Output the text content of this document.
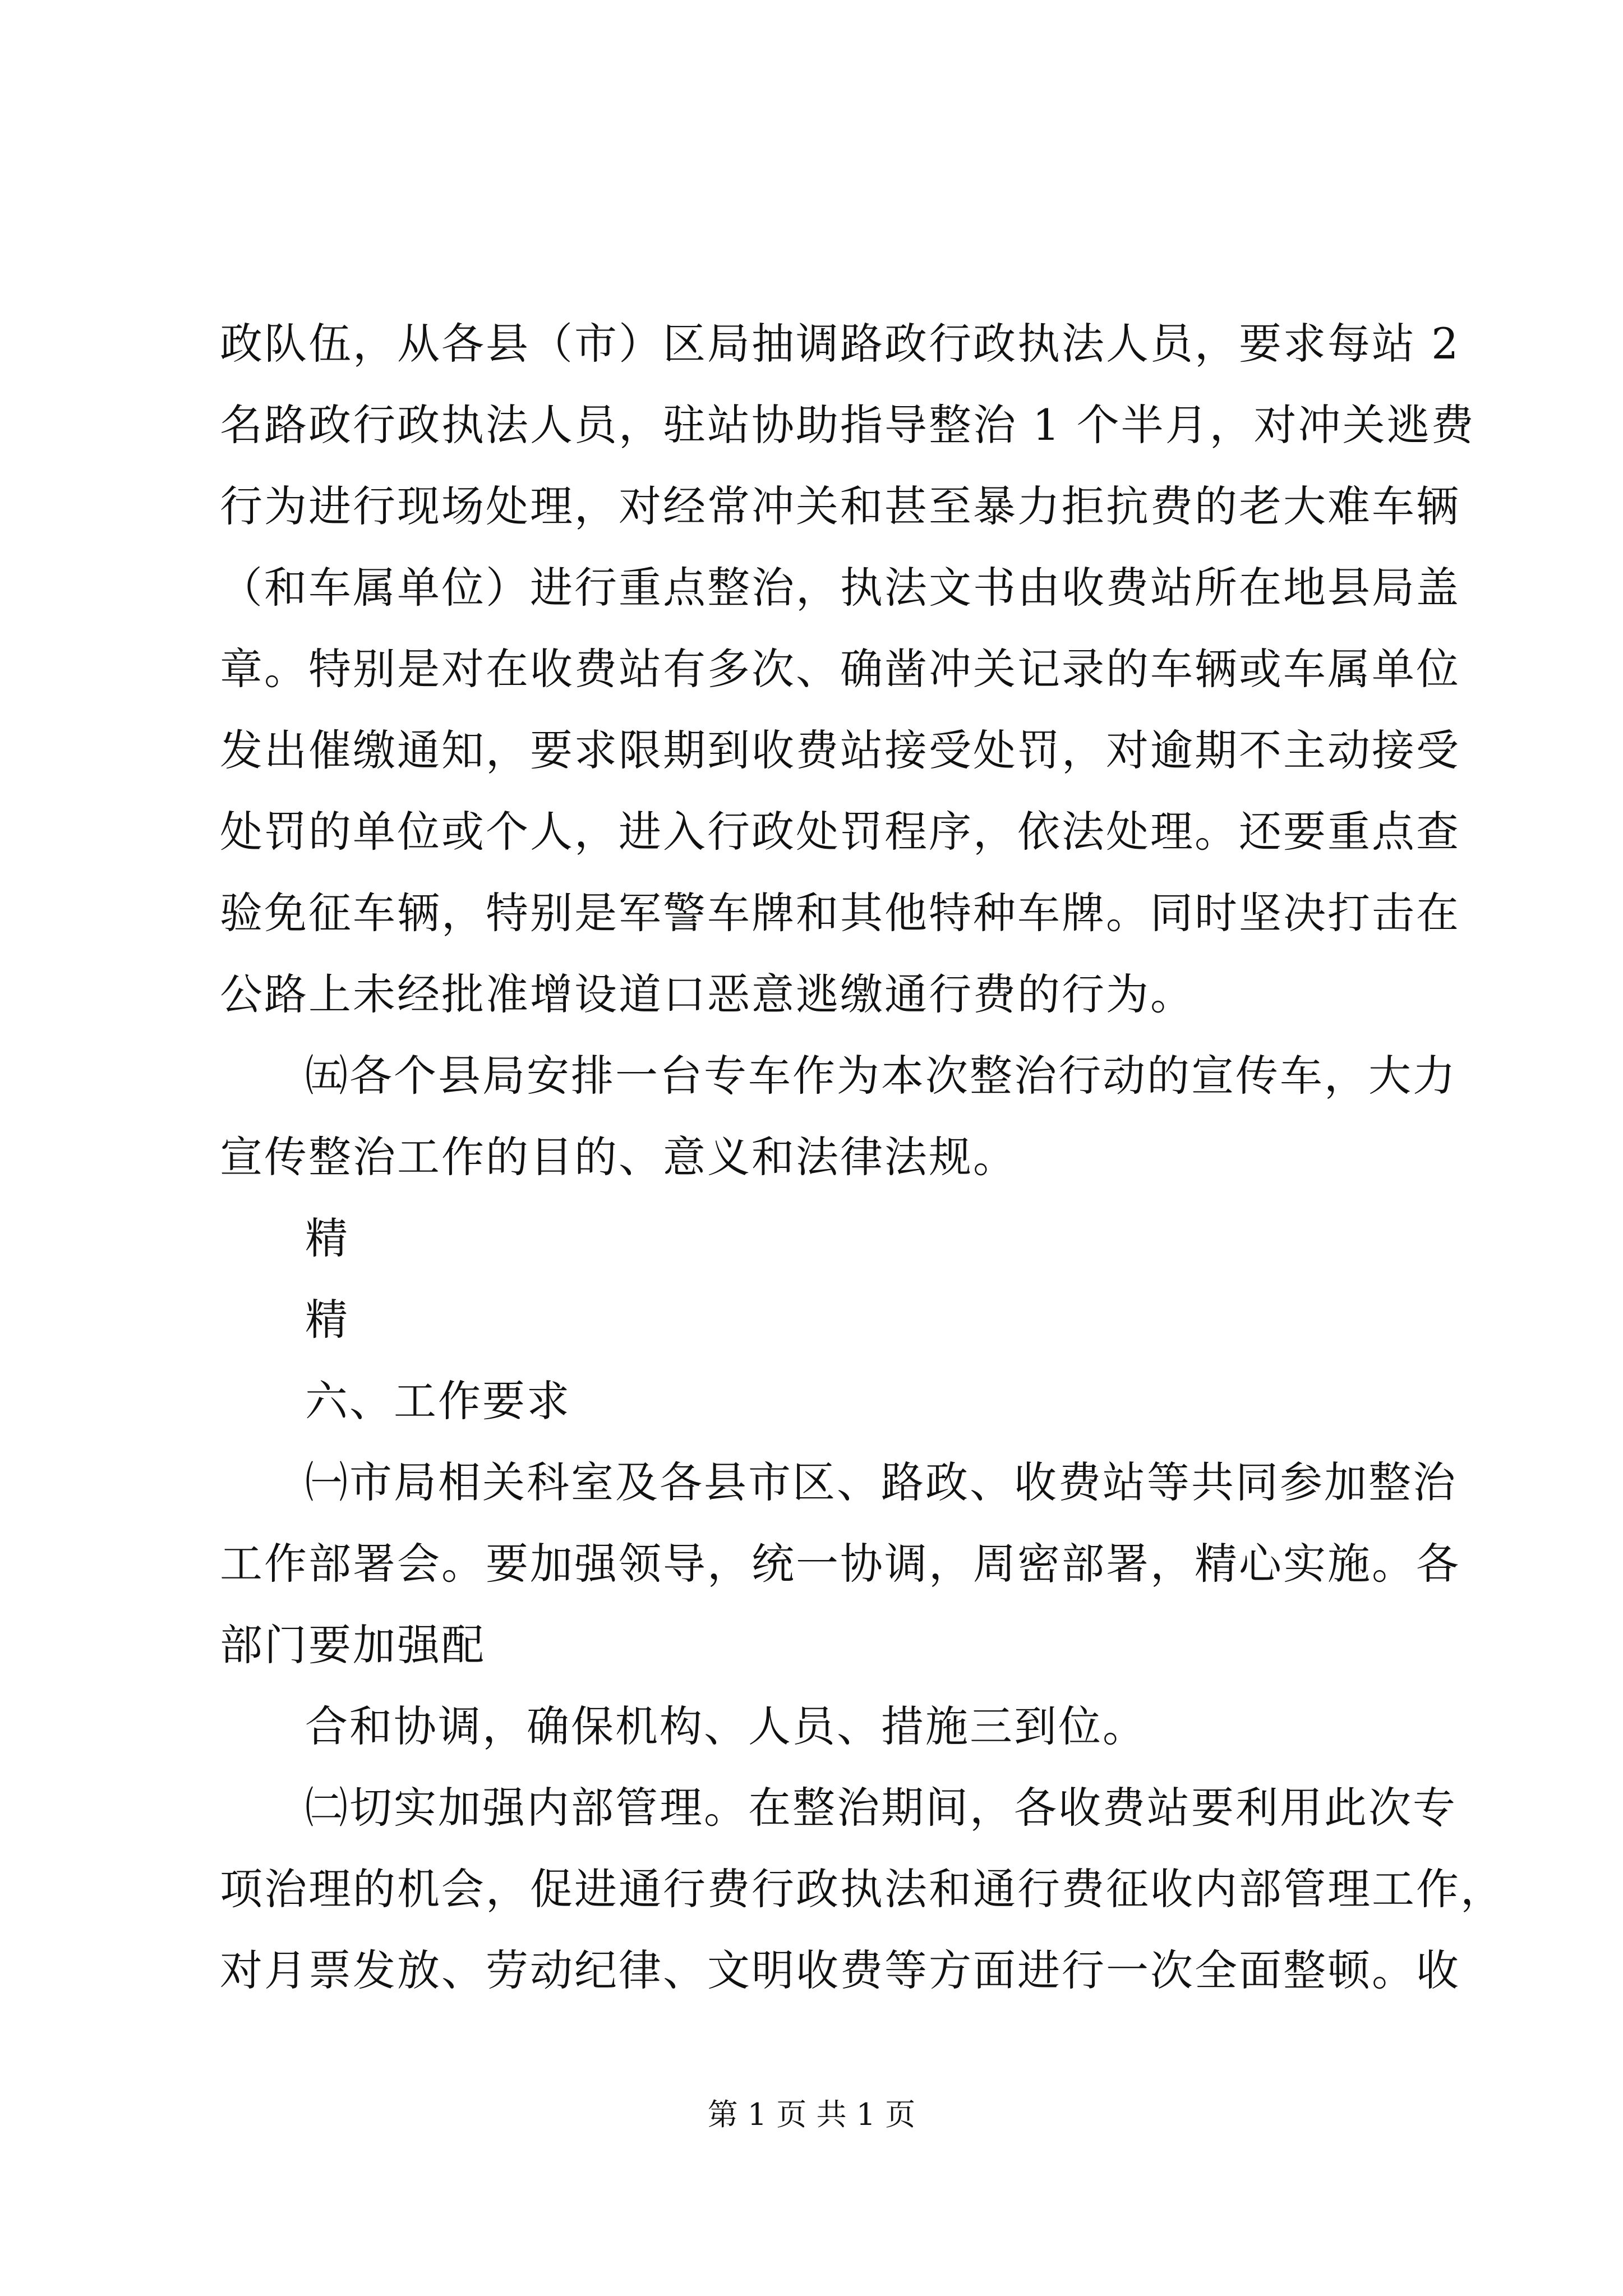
政队伍，从各县（市）区局抽调路政行政执法人员，要求每站 2
名路政行政执法人员，驻站协助指导整治 1 个半月，对冲关逃费
行为进行现场处理，对经常冲关和甚至暴力拒抗费的老大难车辆
（和车属单位）进行重点整治，执法文书由收费站所在地县局盖
章。特别是对在收费站有多次、确凿冲关记录的车辆或车属单位
发出催缴通知，要求限期到收费站接受处罚，对逾期不主动接受
处罚的单位或个人，进入行政处罚程序，依法处理。还要重点查
验免征车辆，特别是军警车牌和其他特种车牌。同时坚决打击在
公路上未经批准增设道口恶意逃缴通行费的行为。
㈤各个县局安排一台专车作为本次整治行动的宣传车，大力
宣传整治工作的目的、意义和法律法规。
精
精
六、工作要求
㈠市局相关科室及各县市区、路政、收费站等共同参加整治
工作部署会。要加强领导，统一协调，周密部署，精心实施。各
部门要加强配
合和协调，确保机构、人员、措施三到位。
㈡切实加强内部管理。在整治期间，各收费站要利用此次专
项治理的机会，促进通行费行政执法和通行费征收内部管理工作，
对月票发放、劳动纪律、文明收费等方面进行一次全面整顿。收
第 1 页 共 1 页
